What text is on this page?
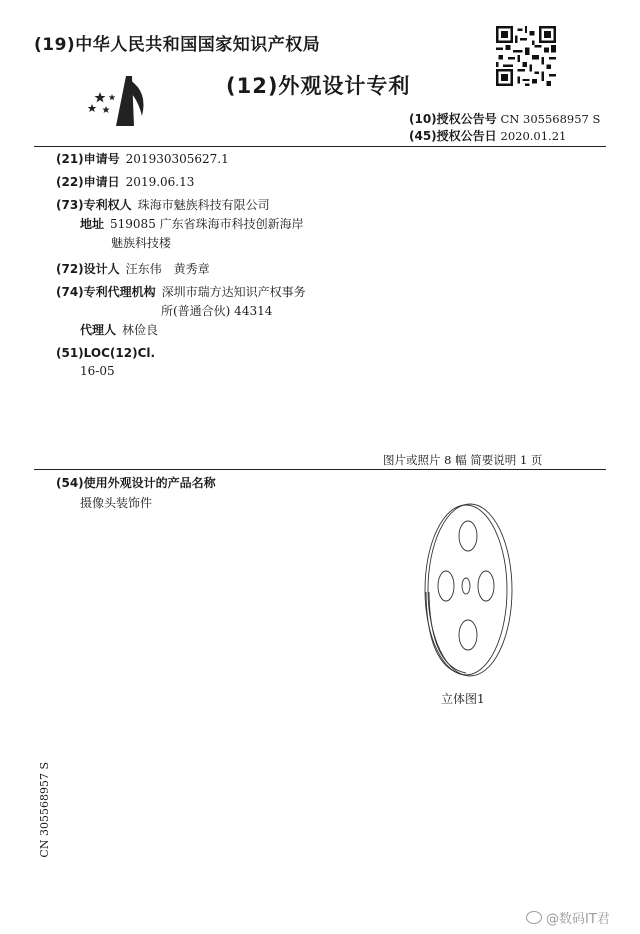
(19)中华人民共和国国家知识产权局
(12)外观设计专利
(10)授权公告号 CN 305568957 S
(45)授权公告日 2020.01.21
(21)申请号 201930305627.1
(22)申请日 2019.06.13
(73)专利权人 珠海市魅族科技有限公司
地址 519085 广东省珠海市科技创新海岸
魅族科技楼
(72)设计人 汪东伟　黄秀章
(74)专利代理机构 深圳市瑞方达知识产权事务
所(普通合伙) 44314
代理人 林俭良
(51)LOC(12)Cl.
16-05
图片或照片 8 幅 简要说明 1 页
(54)使用外观设计的产品名称
摄像头装饰件
立体图1
CN 305568957 S
@数码IT君
